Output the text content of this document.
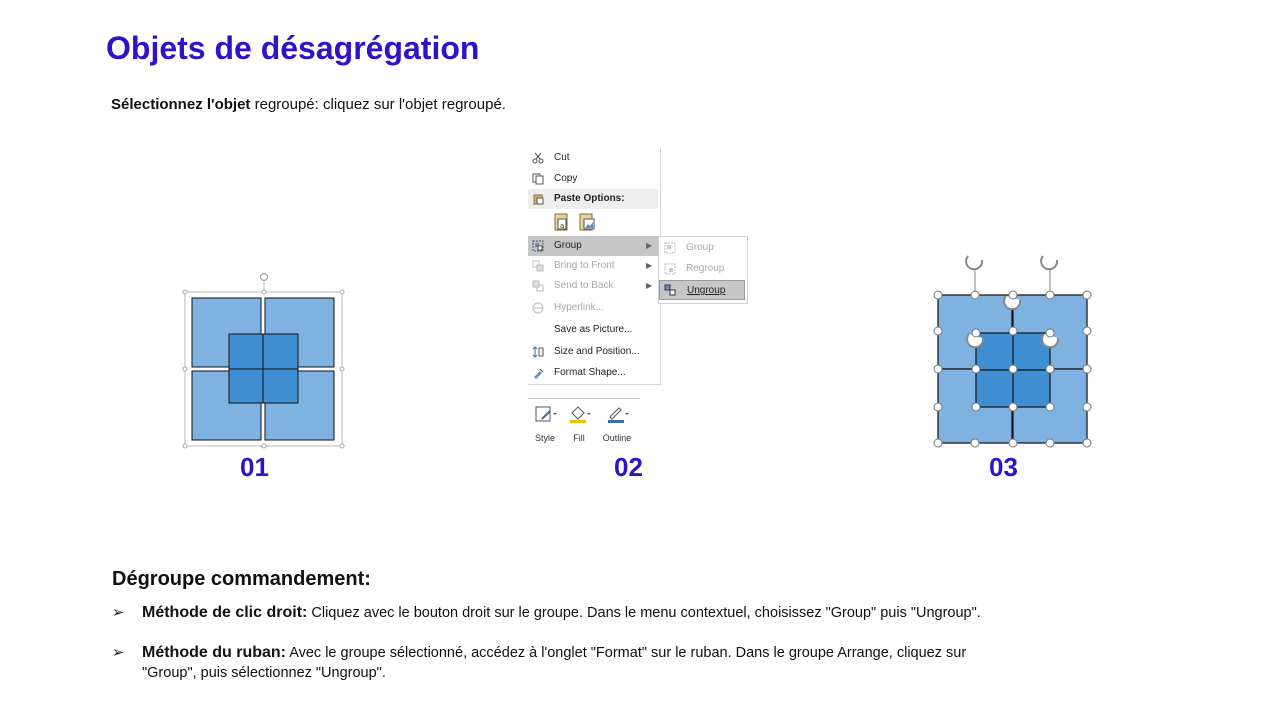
Objets de désagrégation
Sélectionnez l'objet regroupé: cliquez sur l'objet regroupé.
01
Cut
Copy
Paste Options:
a
Group	▶
Bring to Front	▶
Send to Back	▶
Hyperlink...
Save as Picture...
Size and Position...
Format Shape...
Group
Regroup
Ungroup
Style	Fill	Outline
02	03
Dégroupe commandement:
➢ Méthode de clic droit: Cliquez avec le bouton droit sur le groupe. Dans le menu contextuel, choisissez "Group" puis "Ungroup".
➢ Méthode du ruban: Avec le groupe sélectionné, accédez à l'onglet "Format" sur le ruban. Dans le groupe Arrange, cliquez sur "Group", puis sélectionnez "Ungroup".
